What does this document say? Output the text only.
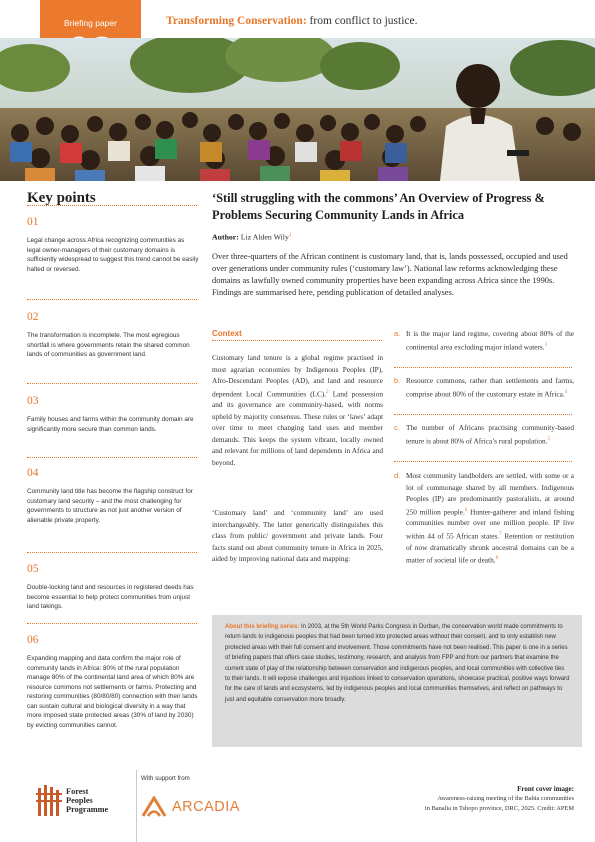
Briefing paper	Transforming Conservation: from conflict to justice.
Key points
01
Legal change across Africa recognizing communities as legal owner-managers of their customary domains is sufficiently widespread to suggest this trend cannot be easily halted or reversed.
02
The transformation is incomplete. The most egregious shortfall is where governments retain the shared common lands of communities as government land.
03
Family houses and farms within the community domain are significantly more secure than common lands.
04
Community land title has become the flagship construct for customary land security – and the most challenging for governments to structure as not just another version of alienable private property.
05
Double-locking land and resources in registered deeds has become essential to help protect communities from unjust land takings.
06
Expanding mapping and data confirm the major role of community lands in Africa: 80% of the rural population manage 80% of the continental land area of which 80% are resource commons not settlements or farms. Protecting and restoring communities (80/80/80) connection with their lands can sustain cultural and biological diversity in a way that more imposed state protected areas (30% of land by 2030) by evicting communities cannot.
‘Still struggling with the commons’ An Overview of Progress & Problems Securing Community Lands in Africa
Author: Liz Alden Wily$^1$
Over three-quarters of the African continent is customary land, that is, lands possessed, occupied and used over generations under community rules (‘customary law’). National law reforms acknowledging these domains as lawfully owned community properties have been expanding across Africa since the 1990s. Findings are summarised here, pending publication of detailed analyses.
Context
Customary land tenure is a global regime practised in most agrarian economies by Indigenous Peoples (IP), Afro-Descendant Peoples (AD), and land and resource dependent Local Communities (LC).$^2$ Land possession and its governance are community-based, with norms upheld by majority consensus. These rules or ‘laws’ adapt over time to meet changing land uses and member demands. This keeps the system vibrant, locally owned and relevant for millions of land dependents in Africa and beyond.
‘Customary land’ and ‘community land’ are used interchangeably. The latter generically distinguishes this class from public/ government and private lands. Four facts stand out about community tenure in Africa in 2025, aided by improving national data and mapping:
a. It is the major land regime, covering about 80% of the continental area excluding major inland waters.$^3$
b. Resource commons, rather than settlements and farms, comprise about 80% of the customary estate in Africa.$^4$
c. The number of Africans practising community-based tenure is about 80% of Africa’s rural population.$^5$
d. Most community landholders are settled, with some or a lot of commonage shared by all members. Indigenous Peoples (IP) are predominantly pastoralists, at around 250 million people.$^6$ Hunter-gatherer and inland fishing communities number over one million people. IP live within 44 of 55 African states.$^7$ Retention or restitution of now dramatically shrunk ancestral domains can be a matter of societal life or death.$^8$
About this briefing series: In 2003, at the 5th World Parks Congress in Durban, the conservation world made commitments to return lands to indigenous peoples that had been turned into protected areas without their consent, and to only establish new protected areas with their full consent and involvement. Those commitments have not been realised. This paper is one in a series of briefing papers that offers case studies, testimony, research, and analysis from FPP and from our partners that examine the current state of play of the relationship between conservation and indigenous peoples, and local communities with collective ties to their lands. It will expose challenges and injustices linked to conservation operations, showcase practical, positive ways forward for the care of lands and ecosystems, led by indigenous peoples and local communities themselves, and reflect on pathways to just and equitable conservation more broadly.
Forest
Peoples
Programme
With support from
ARCADIA
Front cover image:
Awareness-raising meeting of the Bahia communities
in Banalia in Tshopo province, DRC, 2025. Credit: APEM
